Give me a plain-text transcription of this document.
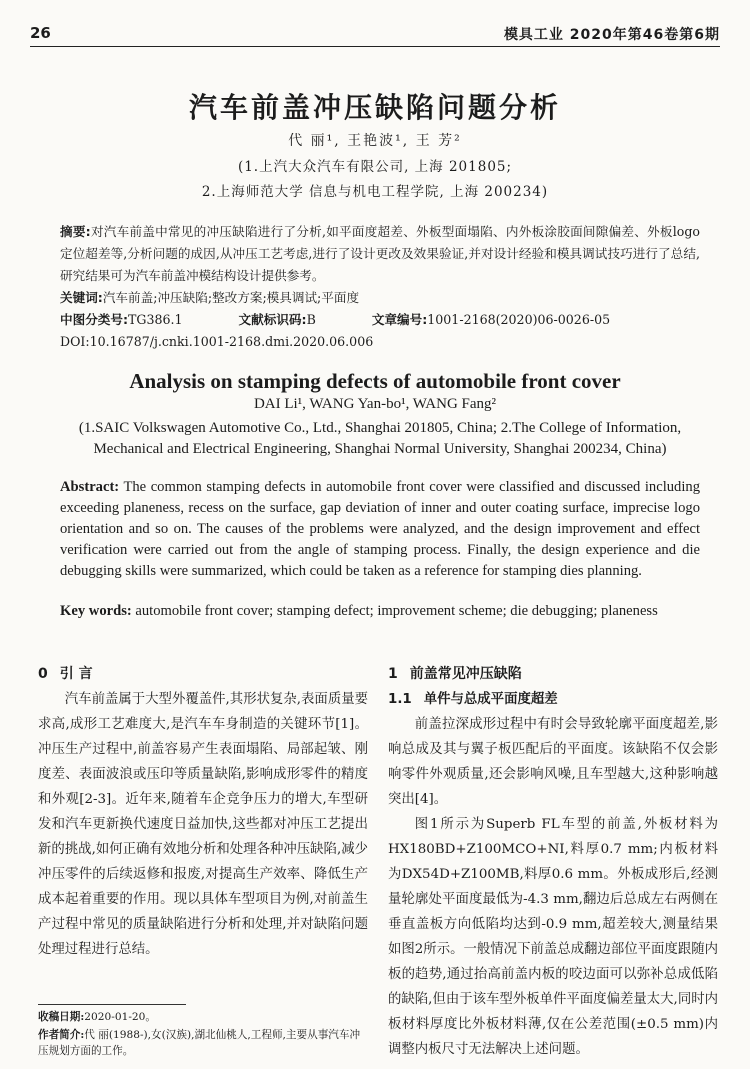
26	模具工业 2020年第46卷第6期
汽车前盖冲压缺陷问题分析
代 丽¹, 王艳波¹, 王 芳²
(1.上汽大众汽车有限公司, 上海 201805;
2.上海师范大学 信息与机电工程学院, 上海 200234)
摘要:对汽车前盖中常见的冲压缺陷进行了分析,如平面度超差、外板型面塌陷、内外板涂胶面间隙偏差、外板logo定位超差等,分析问题的成因,从冲压工艺考虑,进行了设计更改及效果验证,并对设计经验和模具调试技巧进行了总结,研究结果可为汽车前盖冲模结构设计提供参考。
关键词:汽车前盖;冲压缺陷;整改方案;模具调试;平面度
中图分类号:TG386.1	文献标识码:B	文章编号:1001-2168(2020)06-0026-05
DOI:10.16787/j.cnki.1001-2168.dmi.2020.06.006
Analysis on stamping defects of automobile front cover
DAI Li¹, WANG Yan-bo¹, WANG Fang²
(1.SAIC Volkswagen Automotive Co., Ltd., Shanghai 201805, China; 2.The College of Information, Mechanical and Electrical Engineering, Shanghai Normal University, Shanghai 200234, China)
Abstract: The common stamping defects in automobile front cover were classified and discussed including exceeding planeness, recess on the surface, gap deviation of inner and outer coating surface, imprecise logo orientation and so on. The causes of the problems were analyzed, and the design improvement and effect verification were carried out from the angle of stamping process. Finally, the design experience and die debugging skills were summarized, which could be taken as a reference for stamping dies planning.
Key words: automobile front cover; stamping defect; improvement scheme; die debugging; planeness
0 引 言

汽车前盖属于大型外覆盖件,其形状复杂,表面质量要求高,成形工艺难度大,是汽车车身制造的关键环节[1]。冲压生产过程中,前盖容易产生表面塌陷、局部起皱、刚度差、表面波浪或压印等质量缺陷,影响成形零件的精度和外观[2-3]。近年来,随着车企竞争压力的增大,车型研发和汽车更新换代速度日益加快,这些都对冲压工艺提出新的挑战,如何正确有效地分析和处理各种冲压缺陷,减少冲压零件的后续返修和报废,对提高生产效率、降低生产成本起着重要的作用。现以具体车型项目为例,对前盖生产过程中常见的质量缺陷进行分析和处理,并对缺陷问题处理过程进行总结。

1 前盖常见冲压缺陷
1.1 单件与总成平面度超差

前盖拉深成形过程中有时会导致轮廓平面度超差,影响总成及其与翼子板匹配后的平面度。该缺陷不仅会影响零件外观质量,还会影响风噪,且车型越大,这种影响越突出[4]。

图1所示为Superb FL车型的前盖,外板材料为HX180BD+Z100MCO+NI,料厚0.7 mm;内板材料为DX54D+Z100MB,料厚0.6 mm。外板成形后,经测量轮廓处平面度最低为-4.3 mm,翻边后总成左右两侧在垂直盖板方向低陷均达到-0.9 mm,超差较大,测量结果如图2所示。一般情况下前盖总成翻边部位平面度跟随内板的趋势,通过抬高前盖内板的咬边面可以弥补总成低陷的缺陷,但由于该车型外板单件平面度偏差量太大,同时内板材料厚度比外板材料薄,仅在公差范围(±0.5 mm)内调整内板尺寸无法解决上述问题。

收稿日期:2020-01-20。
作者简介:代 丽(1988-),女(汉族),湖北仙桃人,工程师,主要从事汽车冲压规划方面的工作。
